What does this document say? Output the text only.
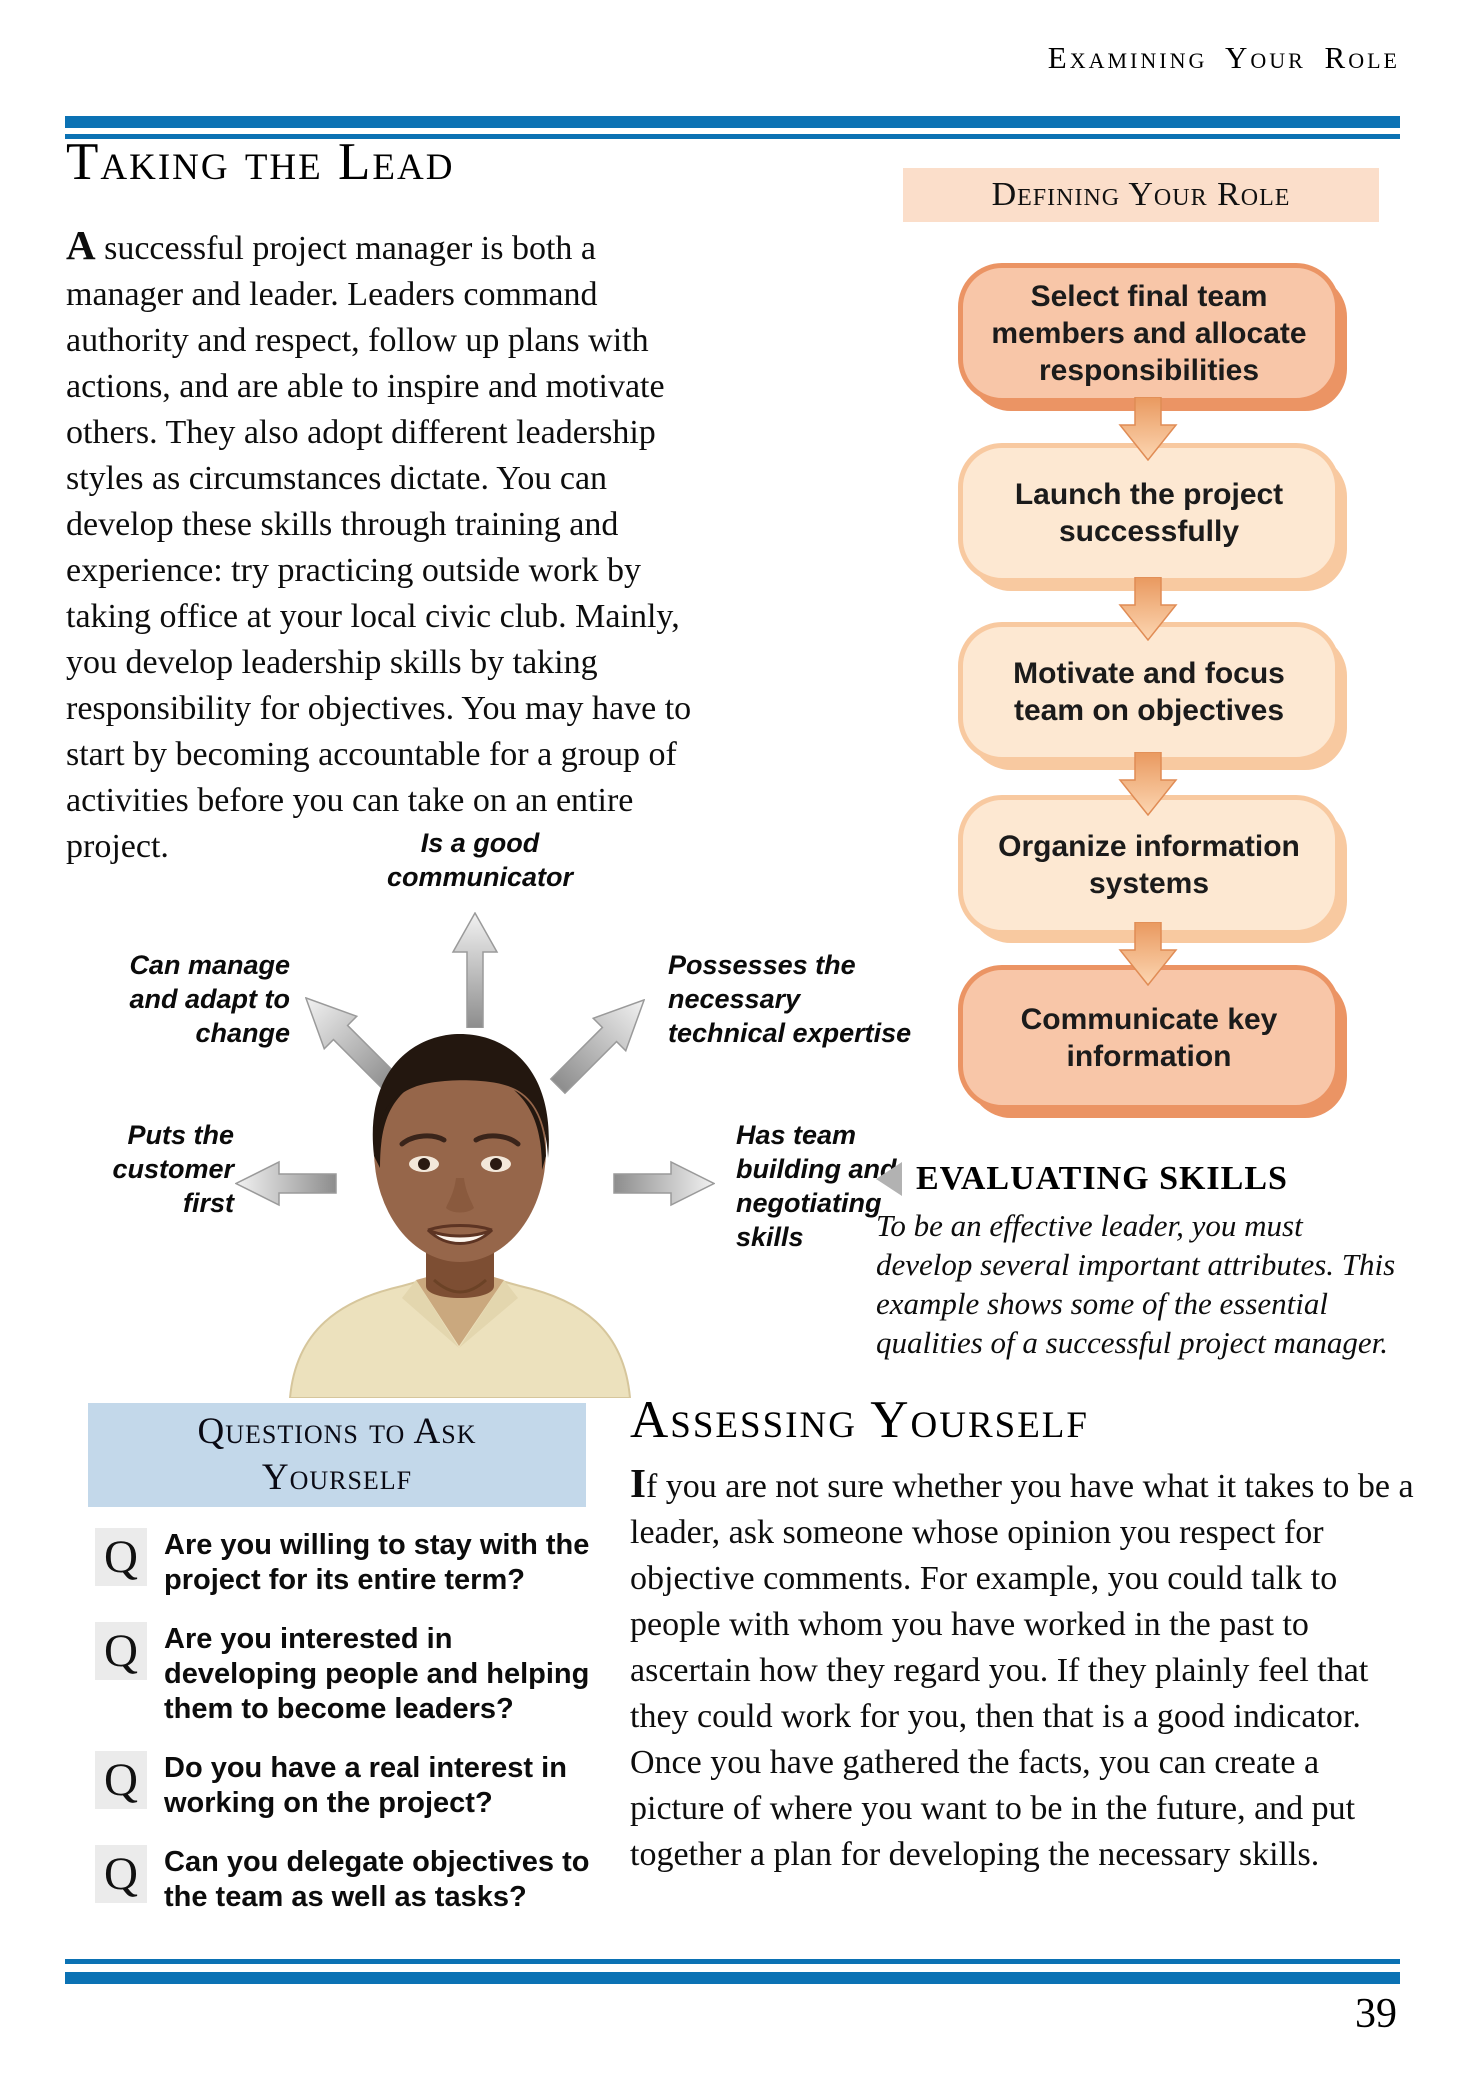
Examining Your Role
Taking the Lead

A successful project manager is both a manager and leader. Leaders command authority and respect, follow up plans with actions, and are able to inspire and motivate others. They also adopt different leadership styles as circumstances dictate. You can develop these skills through training and experience: try practicing outside work by taking office at your local civic club. Mainly, you develop leadership skills by taking responsibility for objectives. You may have to start by becoming accountable for a group of activities before you can take on an entire project.

Defining Your Role
Select final team members and allocate responsibilities
Launch the project successfully
Motivate and focus team on objectives
Organize information systems
Communicate key information
Is a good communicator
Can manage and adapt to change
Possesses the necessary technical expertise
Puts the customer first
Has team building and negotiating skills
EVALUATING SKILLS
To be an effective leader, you must develop several important attributes. This example shows some of the essential qualities of a successful project manager.
Questions to Ask Yourself
Q Are you willing to stay with the project for its entire term?
Q Are you interested in developing people and helping them to become leaders?
Q Do you have a real interest in working on the project?
Q Can you delegate objectives to the team as well as tasks?
Assessing Yourself

If you are not sure whether you have what it takes to be a leader, ask someone whose opinion you respect for objective comments. For example, you could talk to people with whom you have worked in the past to ascertain how they regard you. If they plainly feel that they could work for you, then that is a good indicator. Once you have gathered the facts, you can create a picture of where you want to be in the future, and put together a plan for developing the necessary skills.

39
